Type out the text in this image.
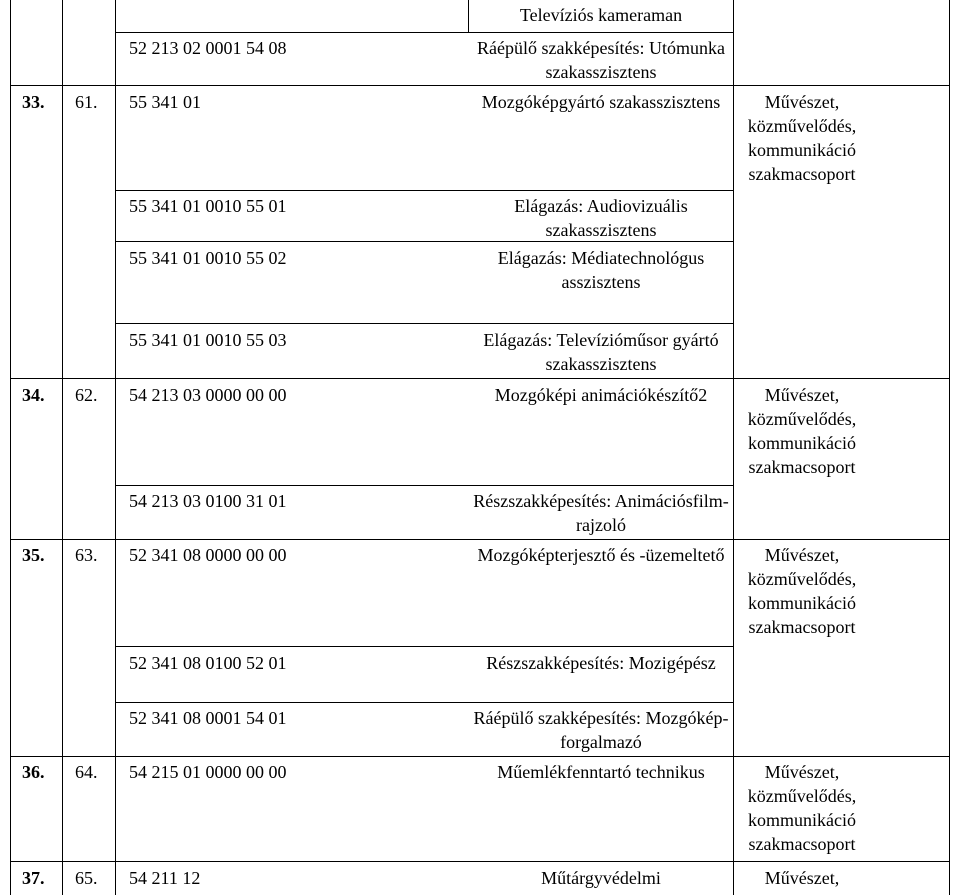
Televíziós kameraman
52 213 02 0001 54 08	Ráépülő szakképesítés: Utómunka szakasszisztens
33. 61. 55 341 01	Mozgóképgyártó szakasszisztens	Művészet, közművelődés, kommunikáció szakmacsoport
55 341 01 0010 55 01	Elágazás: Audiovizuális szakasszisztens
55 341 01 0010 55 02	Elágazás: Médiatechnológus asszisztens
55 341 01 0010 55 03	Elágazás: Televízióműsor gyártó szakasszisztens
34. 62. 54 213 03 0000 00 00	Mozgóképi animációkészítő2	Művészet, közművelődés, kommunikáció szakmacsoport
54 213 03 0100 31 01	Részszakképesítés: Animációsfilm-rajzoló
35. 63. 52 341 08 0000 00 00	Mozgóképterjesztő és -üzemeltető	Művészet, közművelődés, kommunikáció szakmacsoport
52 341 08 0100 52 01	Részszakképesítés: Mozigépész
52 341 08 0001 54 01	Ráépülő szakképesítés: Mozgókép-forgalmazó
36. 64. 54 215 01 0000 00 00	Műemlékfenntartó technikus	Művészet, közművelődés, kommunikáció szakmacsoport
37. 65. 54 211 12	Műtárgyvédelmi	Művészet,
